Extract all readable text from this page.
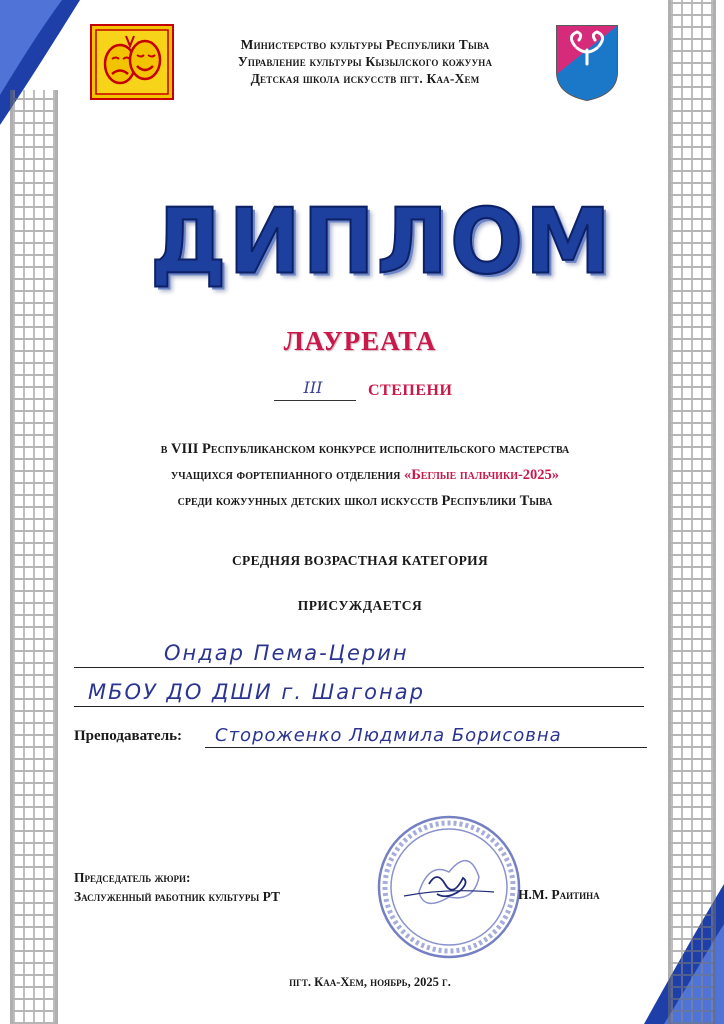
Министерство культуры Республики Тыва
Управление культуры Кызылского кожууна
Детская школа искусств пгт. Каа-Хем
ДИПЛОМ
ЛАУРЕАТА
III	СТЕПЕНИ
в VIII Республиканском конкурсе исполнительского мастерства
учащихся фортепианного отделения «Беглые пальчики-2025»
среди кожуунных детских школ искусств Республики Тыва
СРЕДНЯЯ ВОЗРАСТНАЯ КАТЕГОРИЯ
ПРИСУЖДАЕТСЯ
Ондар Пема-Церин
МБОУ ДО ДШИ г. Шагонар
Преподаватель: Стороженко Людмила Борисовна
Председатель жюри:
Заслуженный работник культуры РТ	Н.М. Раитина
пгт. Каа-Хем, ноябрь, 2025 г.
